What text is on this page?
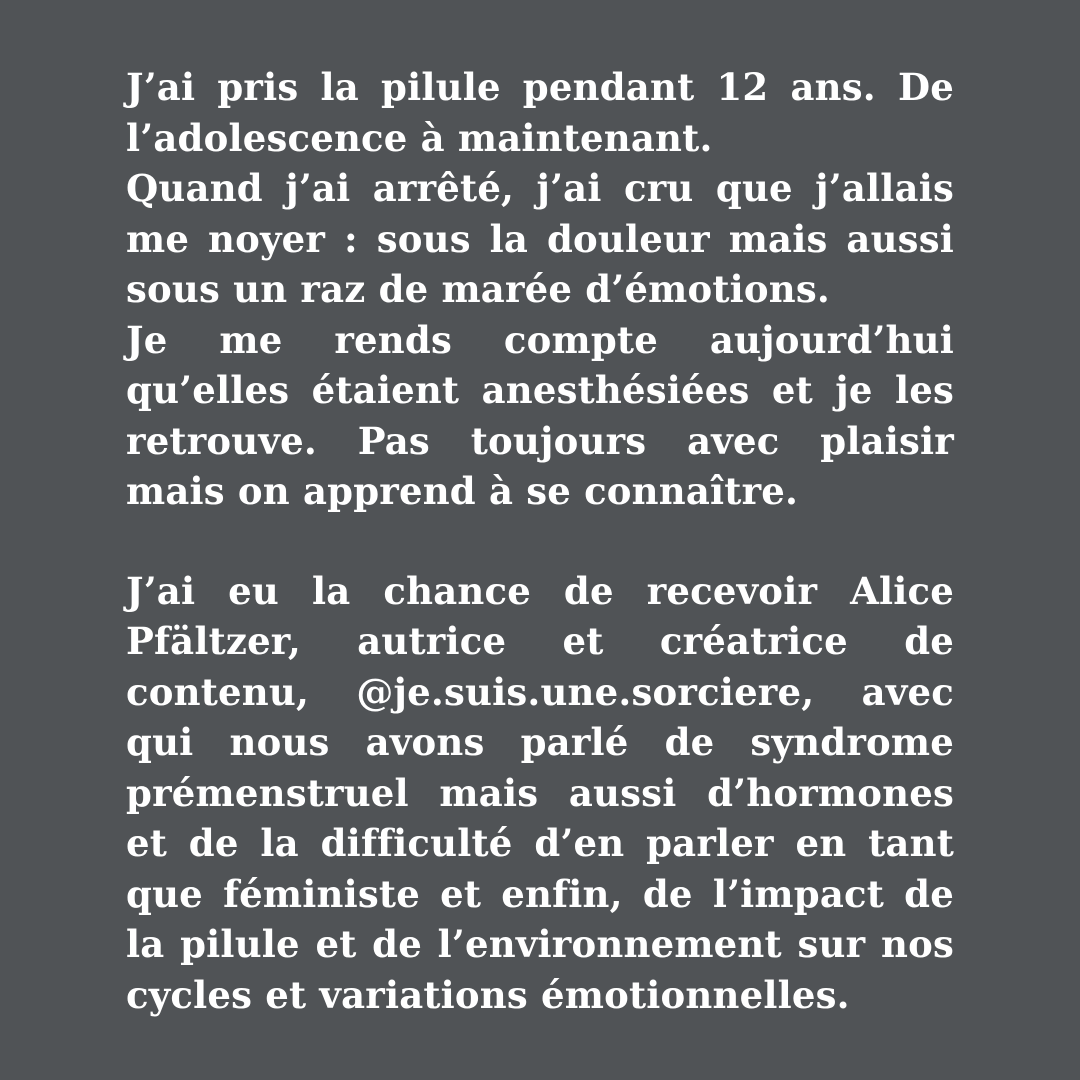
J’ai pris la pilule pendant 12 ans. De l’adolescence à maintenant.
Quand j’ai arrêté, j’ai cru que j’allais me noyer : sous la douleur mais aussi sous un raz de marée d’émotions.
Je me rends compte aujourd’hui qu’elles étaient anesthésiées et je les retrouve. Pas toujours avec plaisir mais on apprend à se connaître.

J’ai eu la chance de recevoir Alice Pfältzer, autrice et créatrice de contenu, @je.suis.une.sorciere, avec qui nous avons parlé de syndrome prémenstruel mais aussi d’hormones et de la difficulté d’en parler en tant que féministe et enfin, de l’impact de la pilule et de l’environnement sur nos cycles et variations émotionnelles.
